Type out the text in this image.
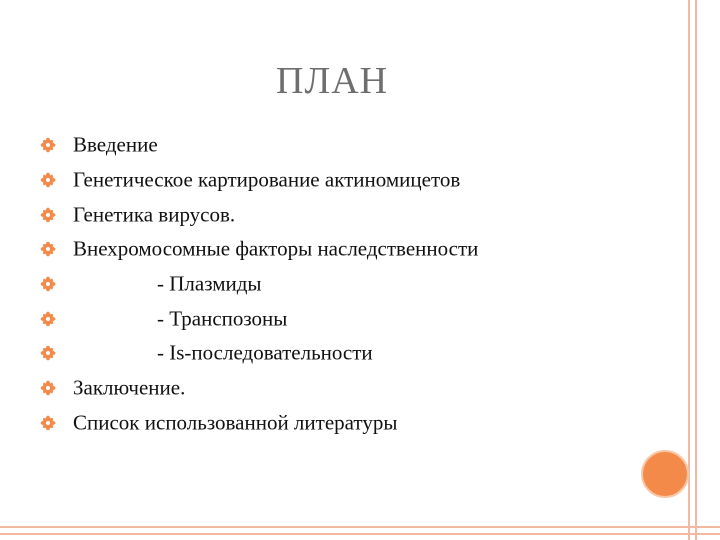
ПЛАН
Введение
Генетическое картирование актиномицетов
Генетика вирусов.
Внехромосомные факторы наследственности
- Плазмиды
- Транспозоны
- Is-последовательности
Заключение.
Список использованной литературы
